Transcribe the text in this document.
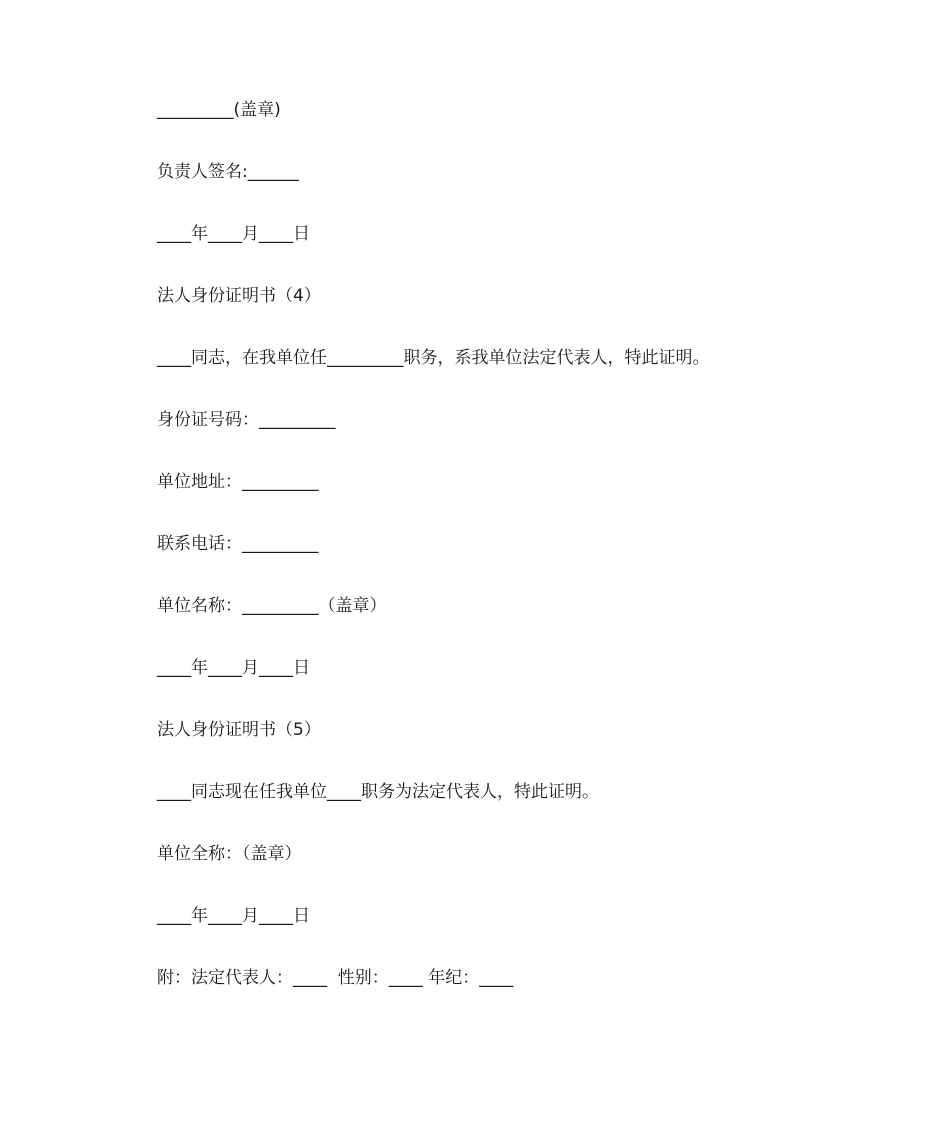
_________(盖章)
负责人签名:______
____年____月____日
法人身份证明书（4）
____同志，在我单位任_________职务，系我单位法定代表人，特此证明。
身份证号码：_________
单位地址：_________
联系电话：_________
单位名称：_________（盖章）
____年____月____日
法人身份证明书（5）
____同志现在任我单位____职务为法定代表人，特此证明。
单位全称：（盖章）
____年____月____日
附：法定代表人：____  性别：____ 年纪：____
